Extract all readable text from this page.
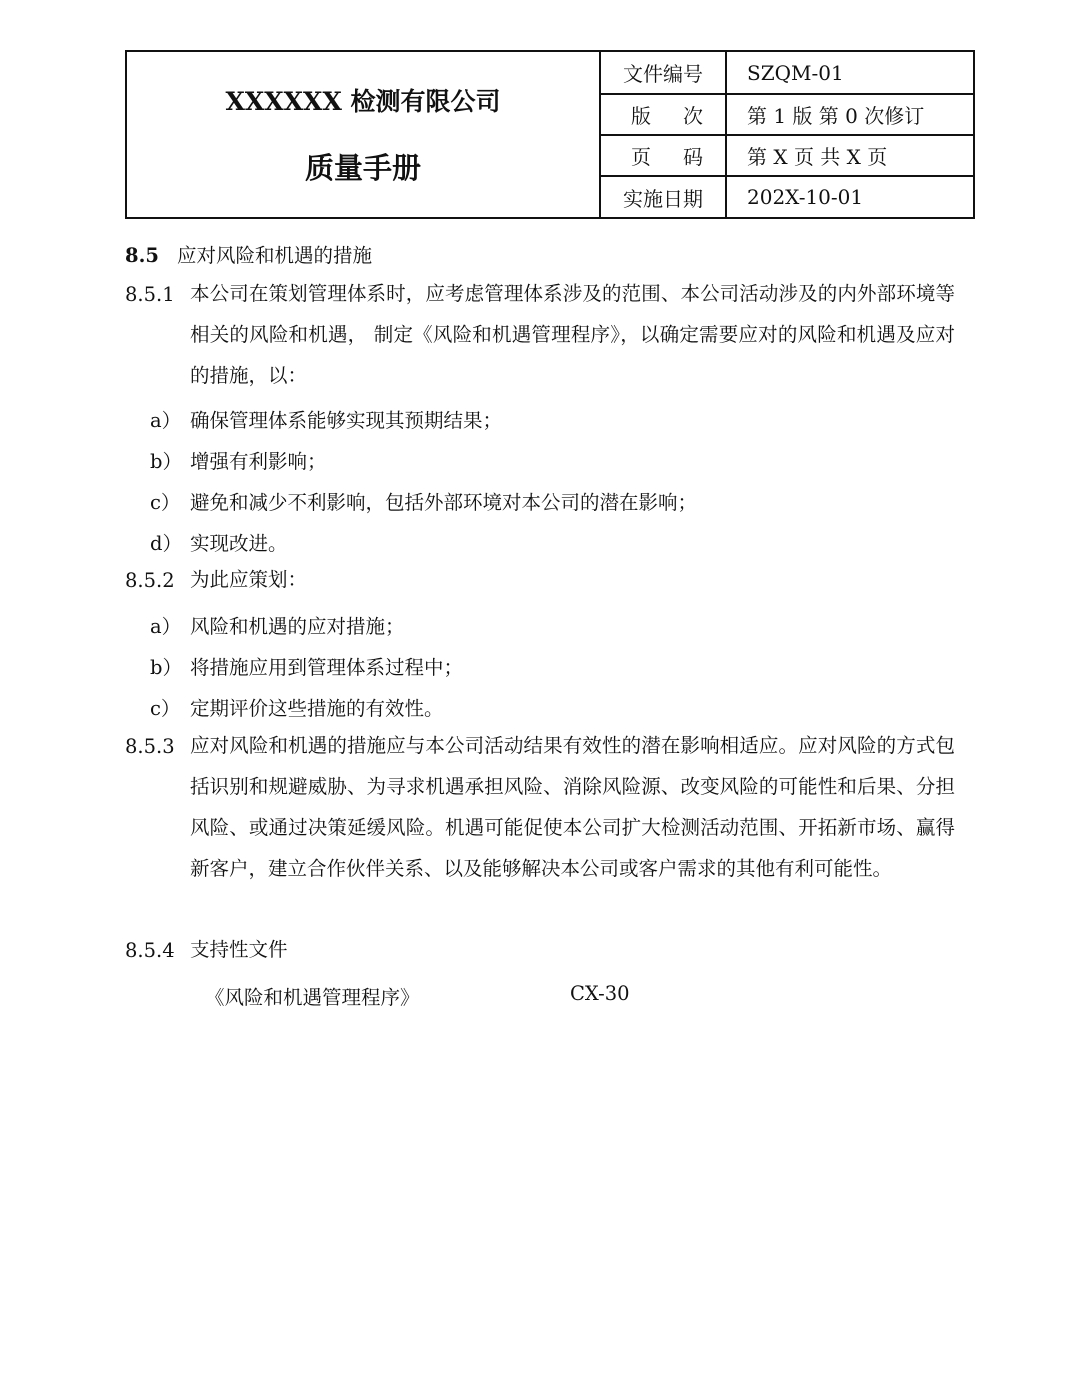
XXXXXX 检测有限公司
质量手册	文件编号	SZQM-01

	版 次	第 1 版 第 0 次修订

	页 码	第 X 页 共 X 页
	实施日期	202X-10-01
8.5 应对风险和机遇的措施
8.5.1 本公司在策划管理体系时，应考虑管理体系涉及的范围、本公司活动涉及的内外部环境等相关的风险和机遇， 制定《风险和机遇管理程序》，以确定需要应对的风险和机遇及应对的措施，以：
a） 确保管理体系能够实现其预期结果；
b） 增强有利影响；
c） 避免和减少不利影响，包括外部环境对本公司的潜在影响；
d） 实现改进。
8.5.2 为此应策划：
a） 风险和机遇的应对措施；
b） 将措施应用到管理体系过程中；
c） 定期评价这些措施的有效性。
8.5.3 应对风险和机遇的措施应与本公司活动结果有效性的潜在影响相适应。应对风险的方式包括识别和规避威胁、为寻求机遇承担风险、消除风险源、改变风险的可能性和后果、分担风险、或通过决策延缓风险。机遇可能促使本公司扩大检测活动范围、开拓新市场、赢得新客户，建立合作伙伴关系、以及能够解决本公司或客户需求的其他有利可能性。
8.5.4 支持性文件
《风险和机遇管理程序》	CX-30
